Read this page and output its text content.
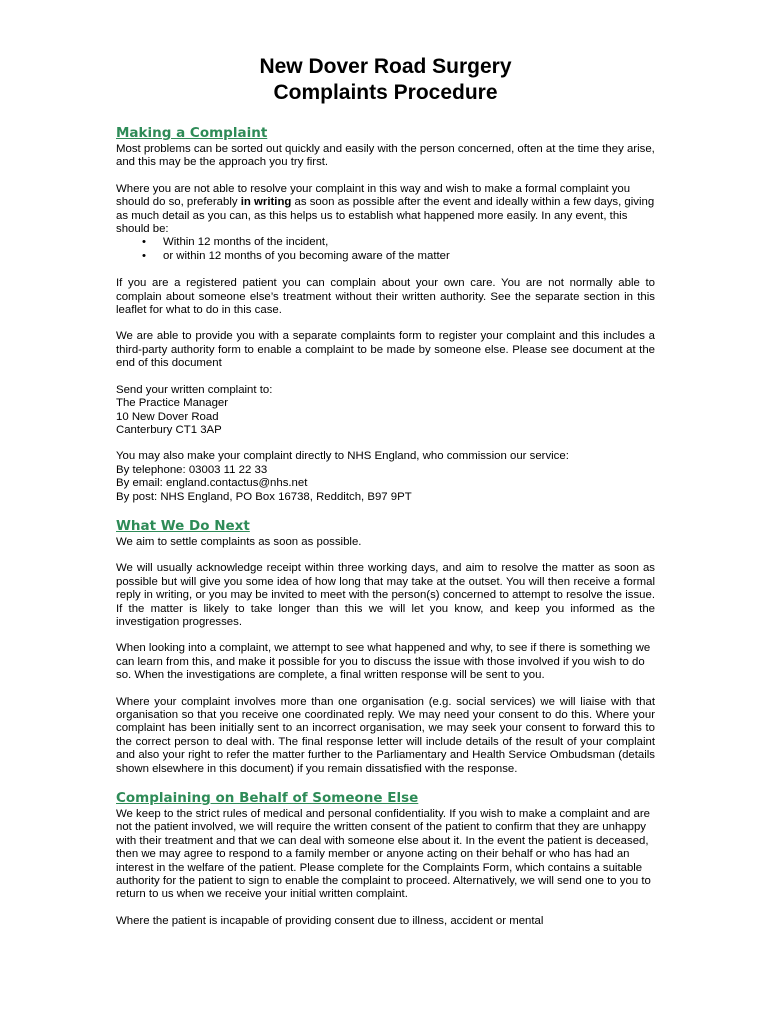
New Dover Road Surgery
Complaints Procedure
Making a Complaint

Most problems can be sorted out quickly and easily with the person concerned, often at the time they arise, and this may be the approach you try first.

Where you are not able to resolve your complaint in this way and wish to make a formal complaint you should do so, preferably in writing as soon as possible after the event and ideally within a few days, giving as much detail as you can, as this helps us to establish what happened more easily. In any event, this should be:

• Within 12 months of the incident,
• or within 12 months of you becoming aware of the matter

If you are a registered patient you can complain about your own care. You are not normally able to complain about someone else’s treatment without their written authority. See the separate section in this leaflet for what to do in this case.

We are able to provide you with a separate complaints form to register your complaint and this includes a third-party authority form to enable a complaint to be made by someone else. Please see document at the end of this document

Send your written complaint to:
The Practice Manager
10 New Dover Road
Canterbury CT1 3AP
You may also make your complaint directly to NHS England, who commission our service:
By telephone: 03003 11 22 33
By email: england.contactus@nhs.net
By post: NHS England, PO Box 16738, Redditch, B97 9PT
What We Do Next

We aim to settle complaints as soon as possible.

We will usually acknowledge receipt within three working days, and aim to resolve the matter as soon as possible but will give you some idea of how long that may take at the outset. You will then receive a formal reply in writing, or you may be invited to meet with the person(s) concerned to attempt to resolve the issue. If the matter is likely to take longer than this we will let you know, and keep you informed as the investigation progresses.

When looking into a complaint, we attempt to see what happened and why, to see if there is something we can learn from this, and make it possible for you to discuss the issue with those involved if you wish to do so. When the investigations are complete, a final written response will be sent to you.

Where your complaint involves more than one organisation (e.g. social services) we will liaise with that organisation so that you receive one coordinated reply. We may need your consent to do this. Where your complaint has been initially sent to an incorrect organisation, we may seek your consent to forward this to the correct person to deal with. The final response letter will include details of the result of your complaint and also your right to refer the matter further to the Parliamentary and Health Service Ombudsman (details shown elsewhere in this document) if you remain dissatisfied with the response.

Complaining on Behalf of Someone Else

We keep to the strict rules of medical and personal confidentiality. If you wish to make a complaint and are not the patient involved, we will require the written consent of the patient to confirm that they are unhappy with their treatment and that we can deal with someone else about it. In the event the patient is deceased, then we may agree to respond to a family member or anyone acting on their behalf or who has had an interest in the welfare of the patient. Please complete for the Complaints Form, which contains a suitable authority for the patient to sign to enable the complaint to proceed. Alternatively, we will send one to you to return to us when we receive your initial written complaint.

Where the patient is incapable of providing consent due to illness, accident or mental
